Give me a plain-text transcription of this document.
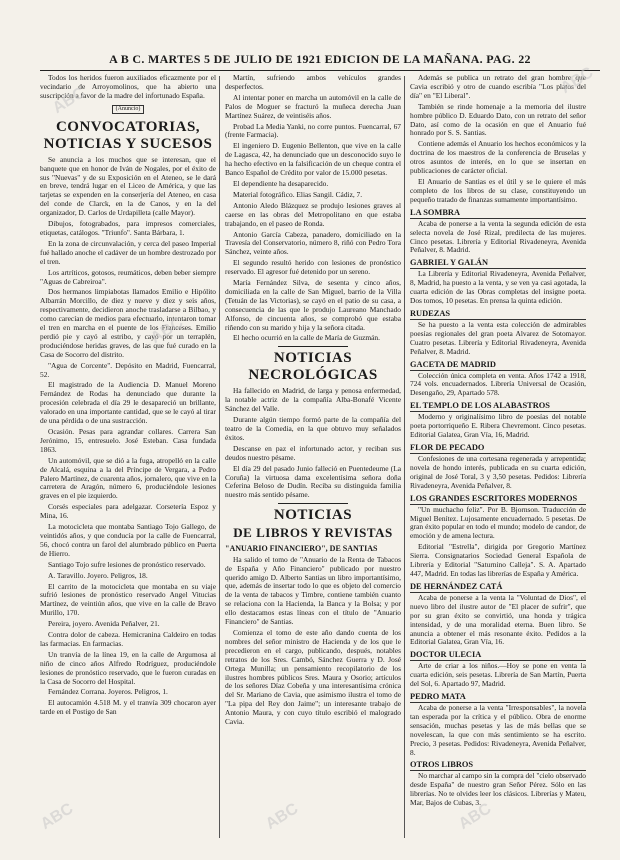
A B C. MARTES 5 DE JULIO DE 1921 EDICION DE LA MAÑANA. PAG. 22

Todos los heridos fueron auxiliados eficazmente por el vecindario de Arroyomolinos, que ha abierto una suscripción a favor de la madre del infortunado España.

(Anuncio)
CONVOCATORIAS,
NOTICIAS Y SUCESOS

Se anuncia a los muchos que se interesan, que el banquete que en honor de Iván de Nogales, por el éxito de sus "Nuevas" y de su Exposición en el Ateneo, se le dará en breve, tendrá lugar en el Liceo de América, y que las tarjetas se expenden en la conserjería del Ateneo, en casa del conde de Clarck, en la de Canos, y en la del organizador, D. Carlos de Urdapilleta (calle Mayor).

Dibujos, fotograbados, para impresos comerciales, etiquetas, catálogos. "Triunfo". Santa Bárbara, 1.

En la zona de circunvalación, y cerca del paseo Imperial fué hallado anoche el cadáver de un hombre destrozado por el tren.

Los artríticos, gotosos, reumáticos, deben beber siempre "Aguas de Cabreiroa".

Dos hermanos limpiabotas llamados Emilio e Hipólito Albarrán Morcillo, de diez y nueve y diez y seis años, respectivamente, decidieron anoche trasladarse a Bilbao, y como carecían de medios para efectuarlo, intentaron tomar el tren en marcha en el puente de los Franceses. Emilio perdió pie y cayó al estribo, y cayó por un terraplén, produciéndose heridas graves, de las que fué curado en la Casa de Socorro del distrito.

"Agua de Corcente". Depósito en Madrid, Fuencarral, 52.

El magistrado de la Audiencia D. Manuel Moreno Fernández de Rodas ha denunciado que durante la procesión celebrada el día 29 le desapareció un brillante, valorado en una importante cantidad, que se le cayó al tirar de una pérdida o de una sustracción.

Ocasión. Pesas para agrandar collares. Carrera San Jerónimo, 15, entresuelo. José Esteban. Casa fundada 1863.

Un automóvil, que se dió a la fuga, atropelló en la calle de Alcalá, esquina a la del Príncipe de Vergara, a Pedro Palero Martínez, de cuarenta años, jornalero, que vive en la carretera de Aragón, número 6, produciéndole lesiones graves en el pie izquierdo.

Corsés especiales para adelgazar. Corsetería Espoz y Mina, 16.

La motocicleta que montaba Santiago Tojo Gallego, de veintidós años, y que conducía por la calle de Fuencarral, 56, chocó contra un farol del alumbrado público en Puerta de Hierro.

Santiago Tojo sufre lesiones de pronóstico reservado.

A. Taravillo. Joyero. Peligros, 18.

El carrito de la motocicleta que montaba en su viaje sufrió lesiones de pronóstico reservado Angel Vitucias Martínez, de veintiún años, que vive en la calle de Bravo Murillo, 170.

Pereira, joyero. Avenida Peñalver, 21.

Contra dolor de cabeza. Hemicranina Caldeiro en todas las farmacias. En farmacias.

Un tranvía de la línea 19, en la calle de Argumosa al niño de cinco años Alfredo Rodríguez, produciéndole lesiones de pronóstico reservado, que le fueron curadas en la Casa de Socorro del Hospital.

Fernández Corrana. Joyeros. Peligros, 1.

El autocamión 4.518 M. y el tranvía 309 chocaron ayer tarde en el Postigo de San

Martín, sufriendo ambos vehículos grandes desperfectos.

Al intentar poner en marcha un automóvil en la calle de Palos de Moguer se fracturó la muñeca derecha Juan Martínez Suárez, de veintiséis años.

Probad La Media Yanki, no corre puntos. Fuencarral, 67 (frente Farmacia).

El ingeniero D. Eugenio Bellenton, que vive en la calle de Lagasca, 42, ha denunciado que un desconocido suyo le ha hecho efectivo en la falsificación de un cheque contra el Banco Español de Crédito por valor de 15.000 pesetas.

El dependiente ha desaparecido.

Material fotográfico. Elias Sangil. Cádiz, 7.

Antonio Aledo Blázquez se produjo lesiones graves al caerse en las obras del Metropolitano en que estaba trabajando, en el paseo de Ronda.

Antonio García Cabeza, panadero, domiciliado en la Travesía del Conservatorio, número 8, riñó con Pedro Tora Sánchez, veinte años.

El segundo resultó herido con lesiones de pronóstico reservado. El agresor fué detenido por un sereno.

María Fernández Silva, de sesenta y cinco años, domiciliada en la calle de San Miguel, barrio de la Villa (Tetuán de las Victorias), se cayó en el patio de su casa, a consecuencia de las que le produjo Laureano Manchado Alfonso, de cincuenta años, se comprobó que estaba riñendo con su marido y hija y la señora citada.

El hecho ocurrió en la calle de María de Guzmán.

NOTICIAS
NECROLÓGICAS

Ha fallecido en Madrid, de larga y penosa enfermedad, la notable actriz de la compañía Alba-Bonafé Vicente Sánchez del Valle.

Durante algún tiempo formó parte de la compañía del teatro de la Comedia, en la que obtuvo muy señalados éxitos.

Descanse en paz el infortunado actor, y reciban sus deudos nuestro pésame.

El día 29 del pasado Junio falleció en Puentedeume (La Coruña) la virtuosa dama excelentísima señora doña Ceferina Beloso de Dudín. Reciba su distinguida familia nuestro más sentido pésame.

NOTICIAS
DE LIBROS Y REVISTAS

"ANUARIO FINANCIERO", DE SANTIAS

Ha salido el tomo de "Anuario de la Renta de Tabacos de España y Año Financiero" publicado por nuestro querido amigo D. Alberto Santias un libro importantísimo, que, además de insertar todo lo que es objeto del comercio de la venta de tabacos y Timbre, contiene también cuanto se relaciona con la Hacienda, la Banca y la Bolsa; y por ello destacamos estas líneas con el título de "Anuario Financiero" de Santias.

Comienza el tomo de este año dando cuenta de los nombres del señor ministro de Hacienda y de los que le precedieron en el cargo, publicando, después, notables retratos de los Sres. Cambó, Sánchez Guerra y D. José Ortega Munilla; un pensamiento recopilatorio de los ilustres hombres públicos Sres. Maura y Osorio; artículos de los señores Díaz Cobeña y una interesantísima crónica del Sr. Mariano de Cavia, que asimismo ilustra el tomo de "La pipa del Rey don Jaime"; un interesante trabajo de Antonio Maura, y con cuyo título escribió el malogrado Cavia.

Además se publica un retrato del gran hombre que Cavia escribió y otro de cuando escribía "Los platos del día" en "El Liberal".

También se rinde homenaje a la memoria del ilustre hombre público D. Eduardo Dato, con un retrato del señor Dato, así como de la ocasión en que el Anuario fué honrado por S. S. Santias.

Contiene además el Anuario los hechos económicos y la doctrina de los maestros de la conferencia de Bruselas y otros asuntos de interés, en lo que se insertan en publicaciones de carácter oficial.

El Anuario de Santias es el útil y se le quiere el más completo de los libros de su clase, constituyendo un pequeño tratado de finanzas sumamente importantísimo.

LA SOMBRA

Acaba de ponerse a la venta la segunda edición de esta selecta novela de José Rizal, predilecta de las mujeres. Cinco pesetas. Librería y Editorial Rivadeneyra, Avenida Peñalver, 8. Madrid.

GABRIEL Y GALÁN

La Librería y Editorial Rivadeneyra, Avenida Peñalver, 8, Madrid, ha puesto a la venta, y se ven ya casi agotada, la cuarta edición de las Obras completas del insigne poeta. Dos tomos, 10 pesetas. En prensa la quinta edición.

RUDEZAS

Se ha puesto a la venta esta colección de admirables poesías regionales del gran poeta Alvarez de Sotomayor. Cuatro pesetas. Librería y Editorial Rivadeneyra, Avenida Peñalver, 8. Madrid.

GACETA DE MADRID

Colección única completa en venta. Años 1742 a 1918, 724 vols. encuadernados. Librería Universal de Ocasión, Desengaño, 29, Apartado 578.

EL TEMPLO DE LOS ALABASTROS

Moderno y originalísimo libro de poesías del notable poeta portorriqueño E. Ribera Chevremont. Cinco pesetas. Editorial Galatea, Gran Vía, 16, Madrid.

FLOR DE PECADO

Confesiones de una cortesana regenerada y arrepentida; novela de hondo interés, publicada en su cuarta edición, original de José Toral, 3 y 3,50 pesetas. Pedidos: Librería Rivadeneyra, Avenida Peñalver, 8.

LOS GRANDES ESCRITORES MODERNOS

"Un muchacho feliz". Por B. Bjornson. Traducción de Miguel Benítez. Lujosamente encuadernado. 5 pesetas. De gran éxito popular en todo el mundo; modelo de candor, de emoción y de amena lectura.

Editorial "Estrella", dirigida por Gregorio Martínez Sierra. Consignatarios Sociedad General Española de Librería y Editorial "Saturnino Calleja". S. A. Apartado 447, Madrid. En todas las librerías de España y América.

DE HERNÁNDEZ CATÁ

Acaba de ponerse a la venta la "Voluntad de Dios", el nuevo libro del ilustre autor de "El placer de sufrir", que por su gran éxito se convirtió, una honda y trágica intensidad, y de una moralidad eterna. Buen libro. Se anuncia a obtener el más resonante éxito. Pedidos a la Editorial Galatea, Gran Vía, 16.

DOCTOR ULECIA

Arte de criar a los niños.—Hoy se pone en venta la cuarta edición, seis pesetas. Librería de San Martín, Puerta del Sol, 6. Apartado 97, Madrid.

PEDRO MATA

Acaba de ponerse a la venta "Irresponsables", la novela tan esperada por la crítica y el público. Obra de enorme sensación, muchas pesetas y las de más bellas que se novelescan, la que con más sentimiento se ha escrito. Precio, 3 pesetas. Pedidos: Rivadeneyra, Avenida Peñalver, 8.

OTROS LIBROS

No marchar al campo sin la compra del "cielo observado desde España" de nuestro gran Señor Pérez. Sólo en las librerías. No te olvides leer los clásicos. Librerías y Mateu, Mar, Bajos de Cubas, 3.

ABC
ABC
ABC	ABC
ABC
ABC
